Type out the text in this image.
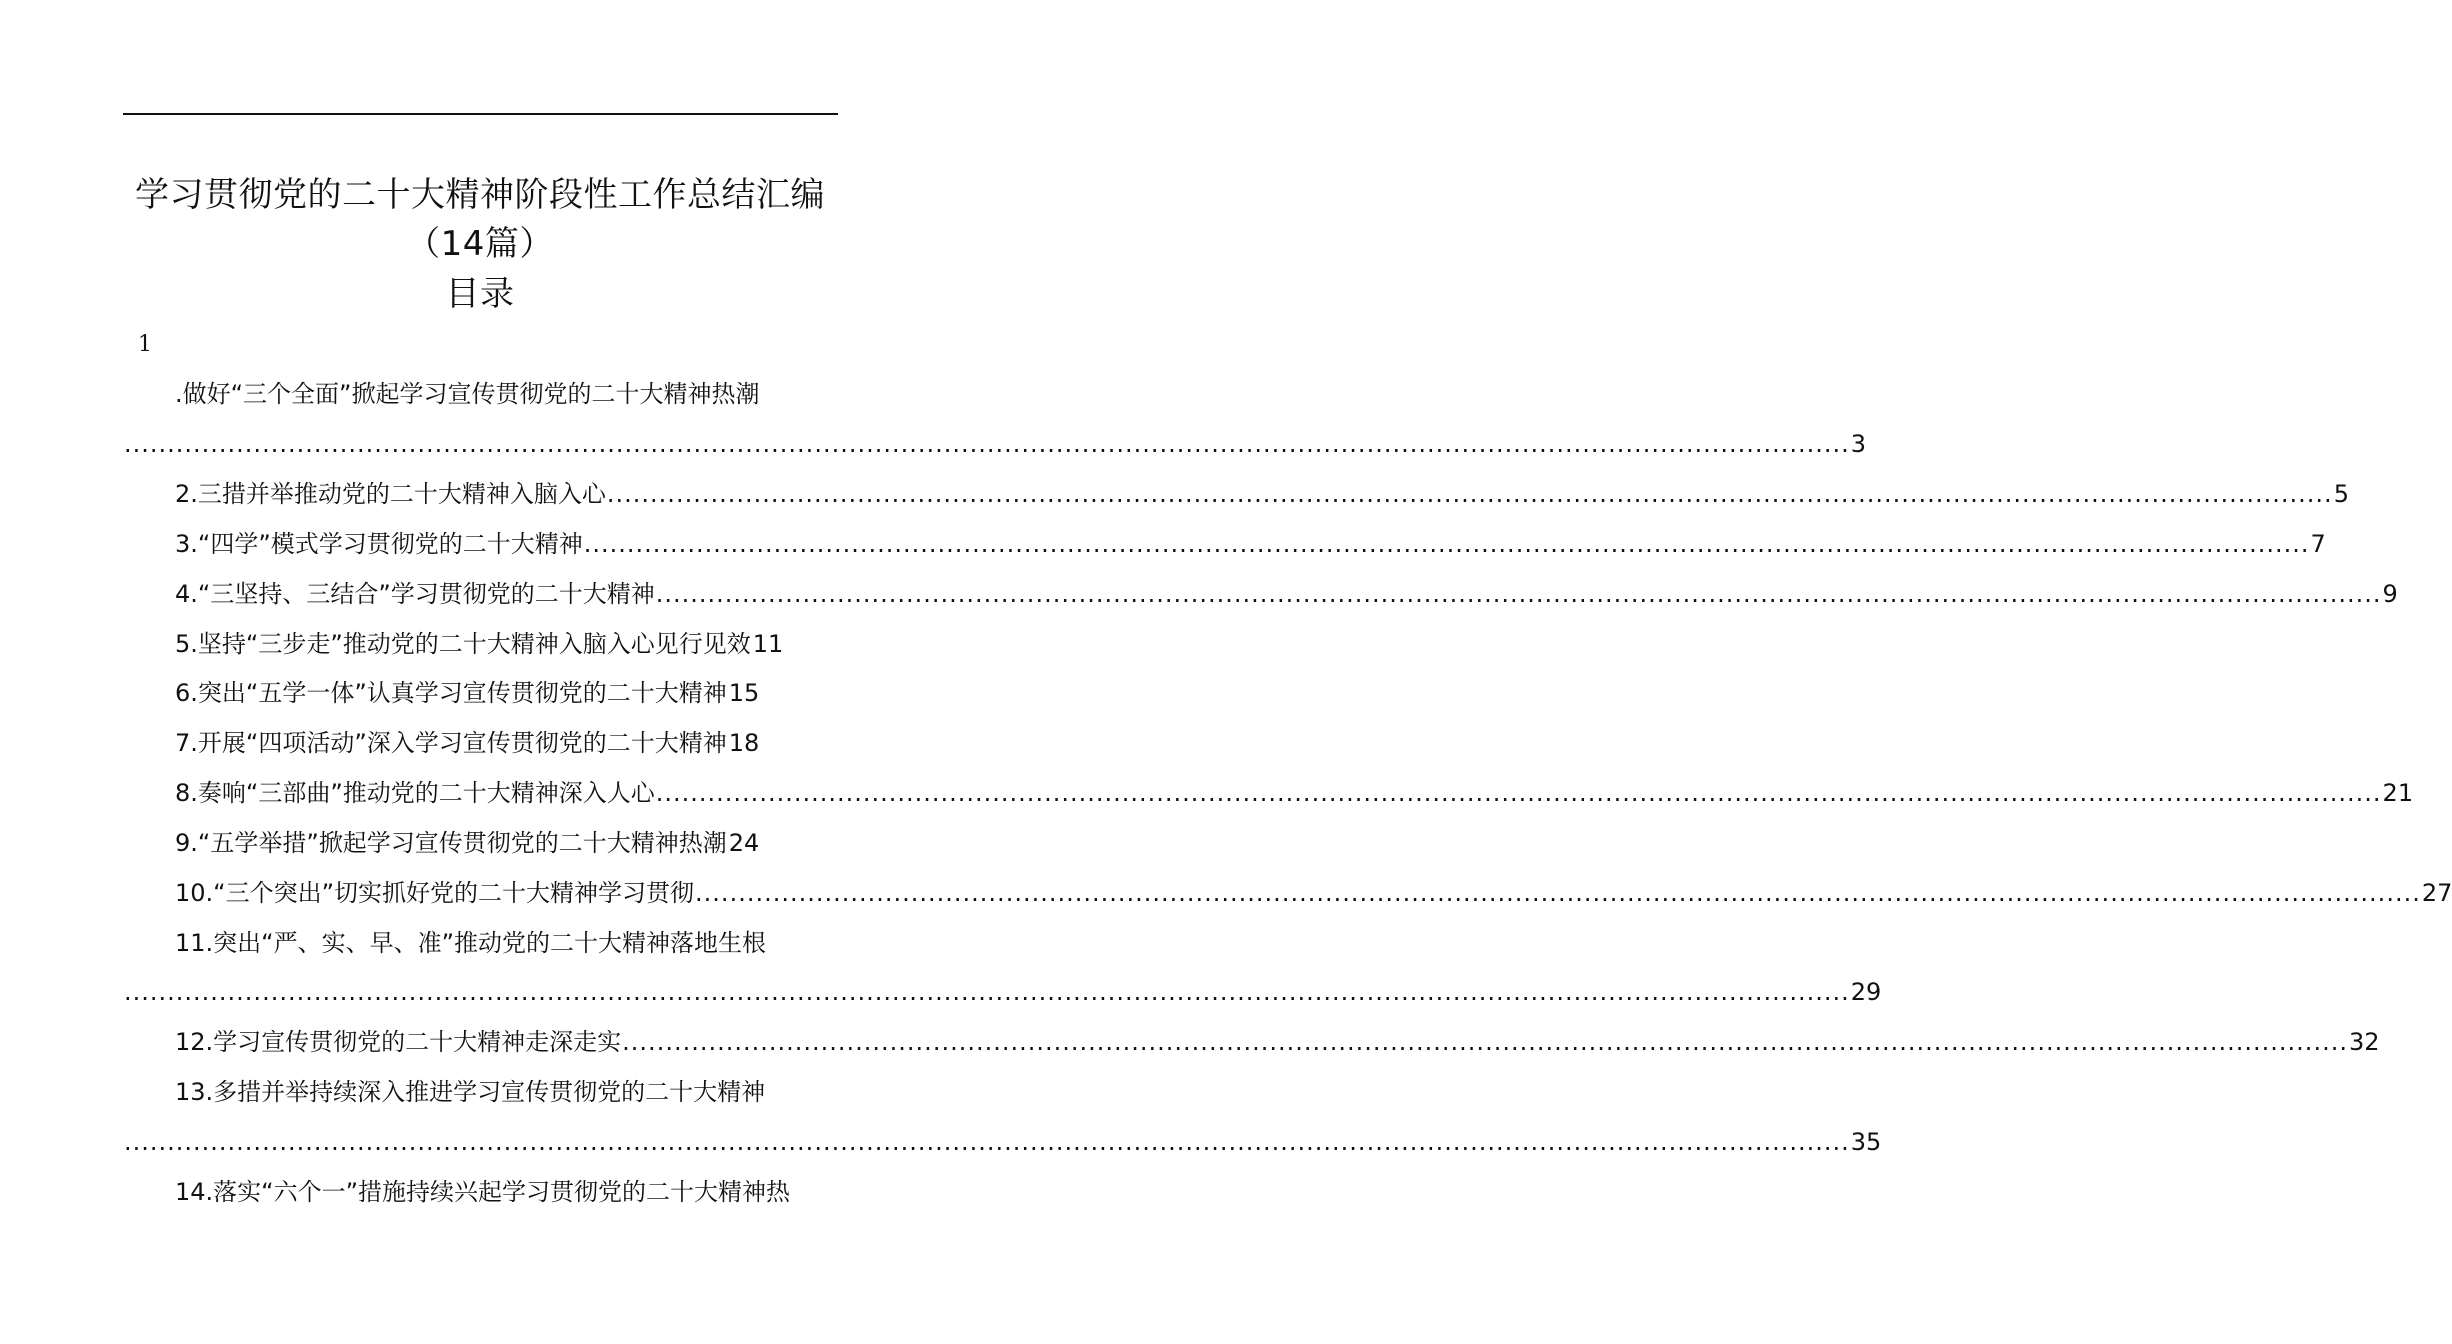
学习贯彻党的二十大精神阶段性工作总结汇编
（14篇）
目录
1
.做好“三个全面”掀起学习宣传贯彻党的二十大精神热潮
........................................................................................................................................................................................................ 3
2.三措并举推动党的二十大精神入脑入心 ........................................................................................................................................................................................................ 5
3.“四学”模式学习贯彻党的二十大精神 ........................................................................................................................................................................................................ 7
4.“三坚持、三结合”学习贯彻党的二十大精神 ........................................................................................................................................................................................................ 9
5.坚持“三步走”推动党的二十大精神入脑入心见行见效 11
6.突出“五学一体”认真学习宣传贯彻党的二十大精神 15
7.开展“四项活动”深入学习宣传贯彻党的二十大精神 18
8.奏响“三部曲”推动党的二十大精神深入人心 ........................................................................................................................................................................................................ 21
9.“五学举措”掀起学习宣传贯彻党的二十大精神热潮 24
10.“三个突出”切实抓好党的二十大精神学习贯彻 ........................................................................................................................................................................................................ 27
11.突出“严、实、早、准”推动党的二十大精神落地生根
........................................................................................................................................................................................................ 29
12.学习宣传贯彻党的二十大精神走深走实 ........................................................................................................................................................................................................ 32
13.多措并举持续深入推进学习宣传贯彻党的二十大精神
........................................................................................................................................................................................................ 35
14.落实“六个一”措施持续兴起学习贯彻党的二十大精神热
